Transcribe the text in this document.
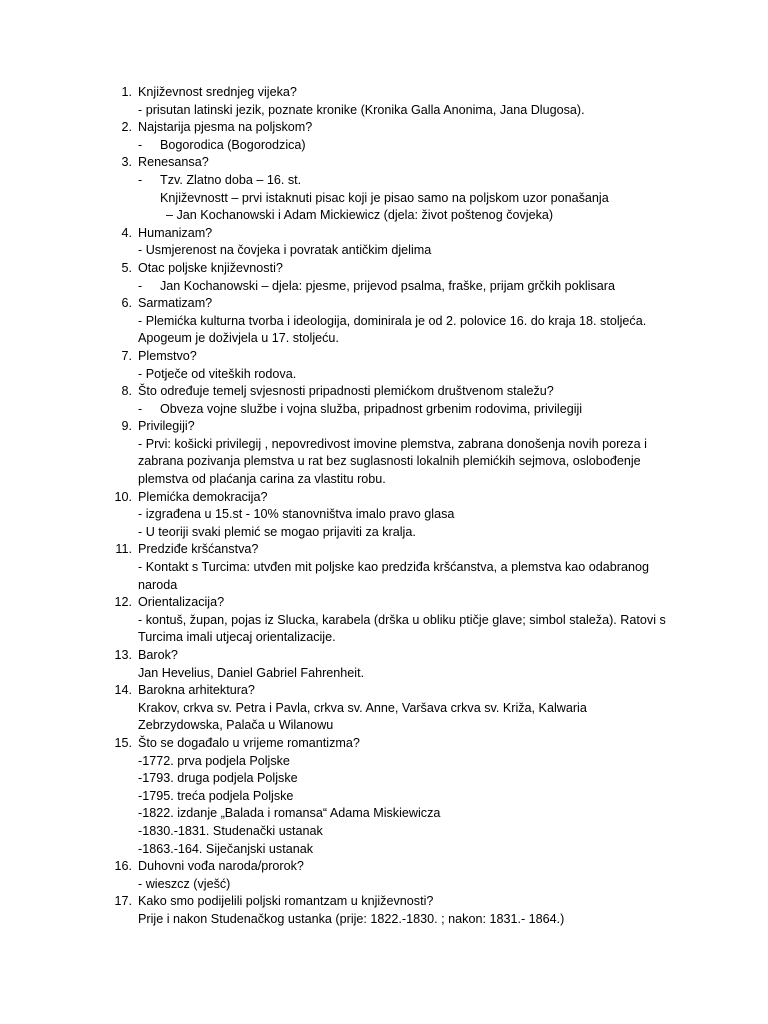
1. Književnost srednjeg vijeka?
- prisutan latinski jezik, poznate kronike (Kronika Galla Anonima, Jana Dlugosa).
2. Najstarija pjesma na poljskom?
- Bogorodica (Bogorodzica)
3. Renesansa?
- Tzv. Zlatno doba – 16. st.
Književnostt – prvi istaknuti pisac koji je pisao samo na poljskom uzor ponašanja
– Jan Kochanowski i Adam Mickiewicz (djela: život poštenog čovjeka)
4. Humanizam?
- Usmjerenost na čovjeka i povratak antičkim djelima
5. Otac poljske književnosti?
- Jan Kochanowski – djela: pjesme, prijevod psalma, fraške, prijam grčkih poklisara
6. Sarmatizam?
- Plemićka kulturna tvorba i ideologija, dominirala je od 2. polovice 16. do kraja 18. stoljeća.
Apogeum je doživjela u 17. stoljeću.
7. Plemstvo?
- Potječe od viteških rodova.
8. Što određuje temelj svjesnosti pripadnosti plemićkom društvenom staležu?
- Obveza vojne službe i vojna služba, pripadnost grbenim rodovima, privilegiji
9. Privilegiji?
- Prvi: košicki privilegij , nepovredivost imovine plemstva, zabrana donošenja novih poreza i
zabrana pozivanja plemstva u rat bez suglasnosti lokalnih plemićkih sejmova, oslobođenje
plemstva od plaćanja carina za vlastitu robu.
10. Plemićka demokracija?
- izgrađena u 15.st - 10% stanovništva imalo pravo glasa
- U teoriji svaki plemić se mogao prijaviti za kralja.
11. Predziđe kršćanstva?
- Kontakt s Turcima: utvđen mit poljske kao predziđa kršćanstva, a plemstva kao odabranog
naroda
12. Orientalizacija?
- kontuš, župan, pojas iz Slucka, karabela (drška u obliku ptičje glave; simbol staleža). Ratovi s
Turcima imali utjecaj orientalizacije.
13. Barok?
Jan Hevelius, Daniel Gabriel Fahrenheit.
14. Barokna arhitektura?
Krakov, crkva sv. Petra i Pavla, crkva sv. Anne, Varšava crkva sv. Križa, Kalwaria
Zebrzydowska, Palača u Wilanowu
15. Što se događalo u vrijeme romantizma?
-1772. prva podjela Poljske
-1793. druga podjela Poljske
-1795. treća podjela Poljske
-1822. izdanje „Balada i romansa“ Adama Miskiewicza
-1830.-1831. Studenački ustanak
-1863.-164. Siječanjski ustanak
16. Duhovni vođa naroda/prorok?
- wieszcz (vješć)
17. Kako smo podijelili poljski romantzam u književnosti?
Prije i nakon Studenačkog ustanka (prije: 1822.-1830. ; nakon: 1831.- 1864.)
